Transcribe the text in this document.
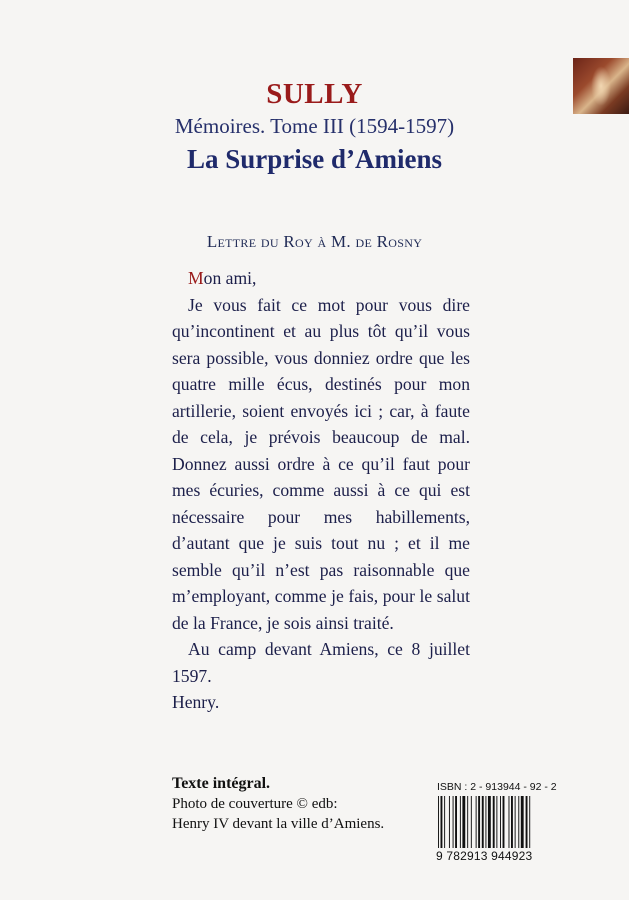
SULLY
Mémoires. Tome III (1594-1597)
La Surprise d’Amiens
Lettre du Roy à M. de Rosny

Mon ami,

Je vous fait ce mot pour vous dire qu’incontinent et au plus tôt qu’il vous sera possible, vous donniez ordre que les quatre mille écus, destinés pour mon artillerie, soient envoyés ici ; car, à faute de cela, je prévois beaucoup de mal. Donnez aussi ordre à ce qu’il faut pour mes écuries, comme aussi à ce qui est nécessaire pour mes habillements, d’autant que je suis tout nu ; et il me semble qu’il n’est pas raisonnable que m’employant, comme je fais, pour le salut de la France, je sois ainsi traité.

Au camp devant Amiens, ce 8 juillet 1597.

Henry.

Texte intégral.
Photo de couverture © edb:
Henry IV devant la ville d’Amiens.
ISBN : 2 - 913944 - 92 - 2
9 782913 944923
